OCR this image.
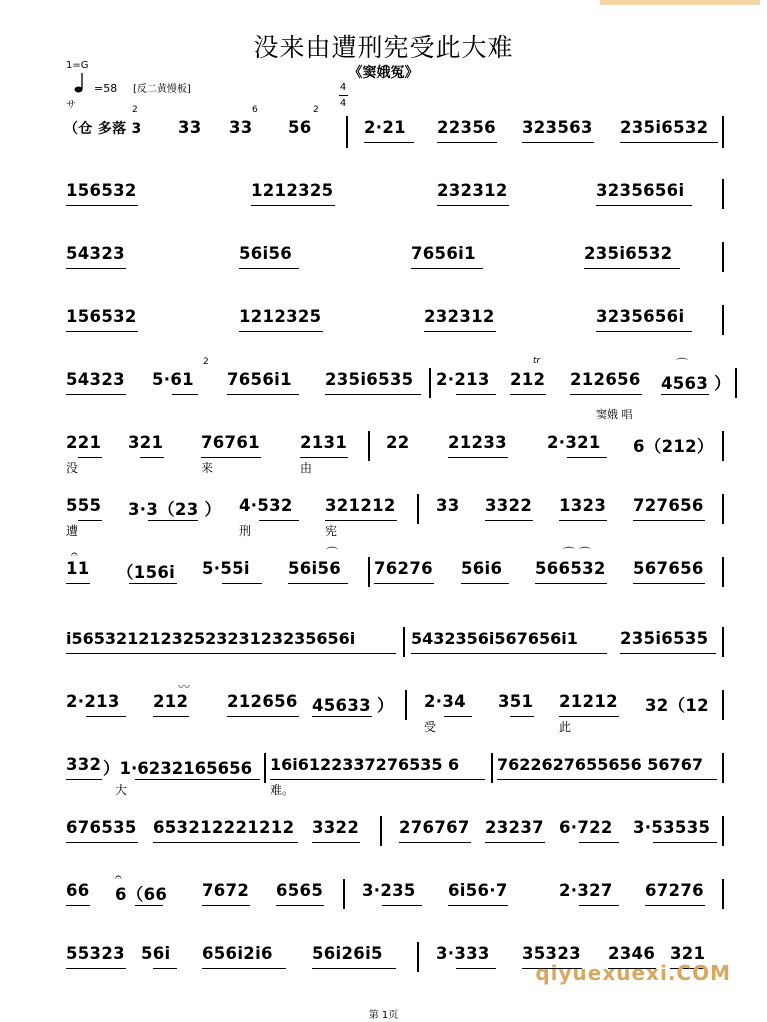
没来由遭刑宪受此大难
《窦娥冤》
1=G
=58 [反二黄慢板]
サ
4
4
（仓 多落 3
2
33 33
6
56
2
2·21 22356 323563 235i6532
156532	1212325	232312	3235656i
54323	56i56	7656i1	235i6532
156532	1212325	232312	3235656i
54323 5·61
2
7656i1 235i6535 2·213
tr
212 212656 4563 ）
⌒
窦娥 唱
221 321 76761 2131 22 21233 2·321 6（212）
没	来	由
555 3·3（23 ） 4·532 321212 33 3322 1323 727656
遭	刑	宪
𝄐
11 （156i 5·55i 56i56
⌒
76276 56i6 566532
⌒ ⌒
567656
i5653212123252323123235656i	5432356i567656i1	235i6535
2·213
〰
212 212656 45633 ） 2·34 351 21212 32（12
受	此
332 ）1·6232165656 16i6122337276535 6 7622627655656 56767
大	难。
676535 653212221212 3322 276767 23237 6·722 3·53535
66
𝄐
6（66 7672 6565 3·235 6i56·7	2·327 67276
55323 56i 656i2i6 56i26i5	3·333 35323 2346 321
qiyuexuexi.COM
第 1页
